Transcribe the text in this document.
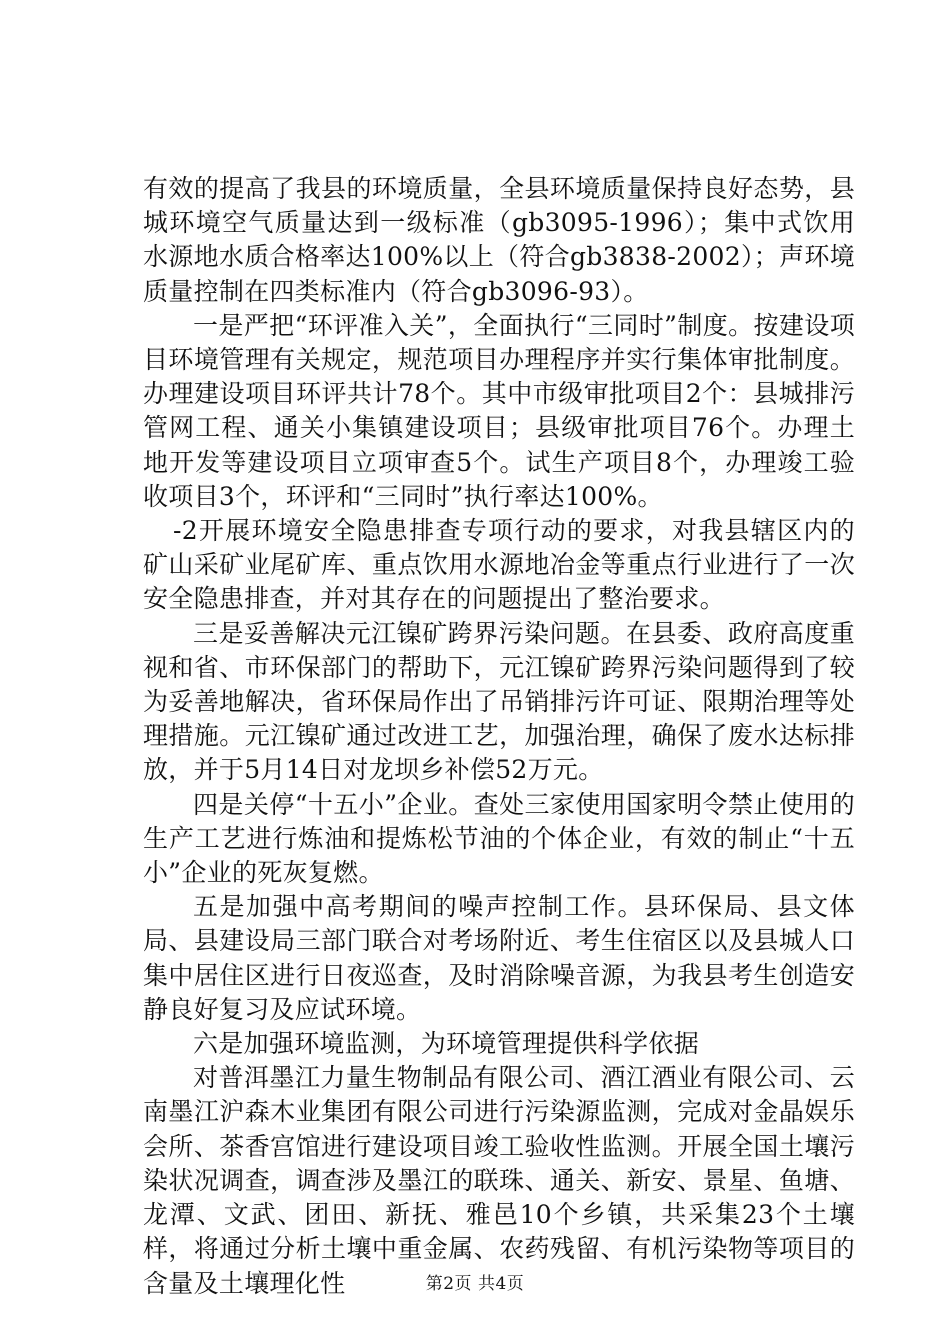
有效的提高了我县的环境质量，全县环境质量保持良好态势，县城环境空气质量达到一级标准（gb3095-1996）；集中式饮用水源地水质合格率达100%以上（符合gb3838-2002）；声环境质量控制在四类标准内（符合gb3096-93）。

一是严把“环评准入关”，全面执行“三同时”制度。按建设项目环境管理有关规定，规范项目办理程序并实行集体审批制度。办理建设项目环评共计78个。其中市级审批项目2个：县城排污管网工程、通关小集镇建设项目；县级审批项目76个。办理土地开发等建设项目立项审查5个。试生产项目8个，办理竣工验收项目3个，环评和“三同时”执行率达100%。

-2开展环境安全隐患排查专项行动的要求，对我县辖区内的矿山采矿业尾矿库、重点饮用水源地冶金等重点行业进行了一次安全隐患排查，并对其存在的问题提出了整治要求。

三是妥善解决元江镍矿跨界污染问题。在县委、政府高度重视和省、市环保部门的帮助下，元江镍矿跨界污染问题得到了较为妥善地解决，省环保局作出了吊销排污许可证、限期治理等处理措施。元江镍矿通过改进工艺，加强治理，确保了废水达标排放，并于5月14日对龙坝乡补偿52万元。

四是关停“十五小”企业。查处三家使用国家明令禁止使用的生产工艺进行炼油和提炼松节油的个体企业，有效的制止“十五小”企业的死灰复燃。

五是加强中高考期间的噪声控制工作。县环保局、县文体局、县建设局三部门联合对考场附近、考生住宿区以及县城人口集中居住区进行日夜巡查，及时消除噪音源，为我县考生创造安静良好复习及应试环境。

六是加强环境监测，为环境管理提供科学依据

对普洱墨江力量生物制品有限公司、酒江酒业有限公司、云南墨江沪森木业集团有限公司进行污染源监测，完成对金晶娱乐会所、茶香宫馆进行建设项目竣工验收性监测。开展全国土壤污染状况调查，调查涉及墨江的联珠、通关、新安、景星、鱼塘、龙潭、文武、团田、新抚、雅邑10个乡镇，共采集23个土壤样，将通过分析土壤中重金属、农药残留、有机污染物等项目的含量及土壤理化性	第2页 共4页
